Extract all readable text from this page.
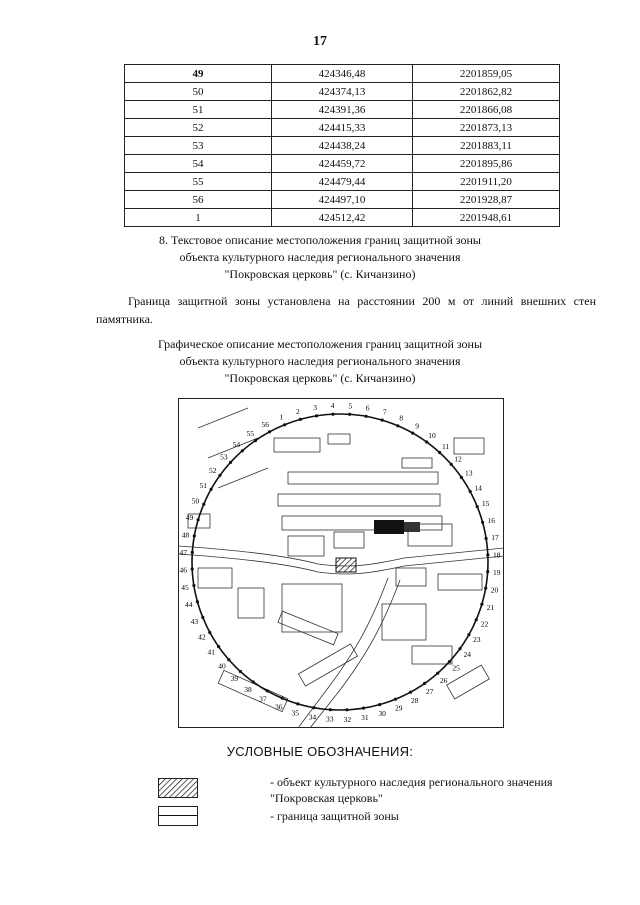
17
49	424346,48	2201859,05
50	424374,13	2201862,82
51	424391,36	2201866,08
52	424415,33	2201873,13
53	424438,24	2201883,11
54	424459,72	2201895,86
55	424479,44	2201911,20
56	424497,10	2201928,87
1	424512,42	2201948,61
8. Текстовое описание местоположения границ защитной зоны
объекта культурного наследия регионального значения
"Покровская церковь" (с. Кичанзино)
Граница защитной зоны установлена на расстоянии 200 м от линий внешних стен памятника.
Графическое описание местоположения границ защитной зоны
объекта культурного наследия регионального значения
"Покровская церковь" (с. Кичанзино)
1
2 3 4 5 6 7
8
9
10
11
12
13
14
15
16
17
18
19
20
21
22
23
24
25
26
27
28
29
30
31
32
33
34
35
36
37
38
39
40
41
42
43
44
45
46
47
48
49
50
51
52
53
54
55
56
УСЛОВНЫЕ ОБОЗНАЧЕНИЯ:
- объект культурного наследия регионального значения "Покровская церковь"
- граница защитной зоны
